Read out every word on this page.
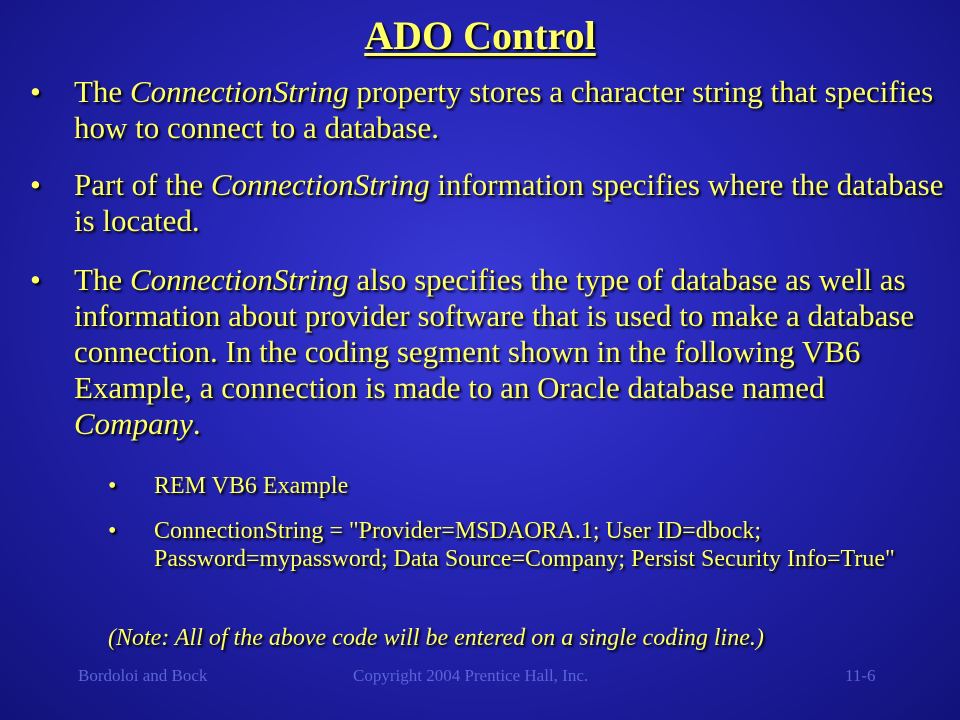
ADO Control
• The ConnectionString property stores a character string that specifies how to connect to a database.
• Part of the ConnectionString information specifies where the database is located.
• The ConnectionString also specifies the type of database as well as information about provider software that is used to make a database connection. In the coding segment shown in the following VB6 Example, a connection is made to an Oracle database named Company.
• REM VB6 Example
• ConnectionString = "Provider=MSDAORA.1; User ID=dbock; Password=mypassword; Data Source=Company; Persist Security Info=True"
(Note: All of the above code will be entered on a single coding line.)
Bordoloi and Bock	Copyright 2004 Prentice Hall, Inc.	11-6
